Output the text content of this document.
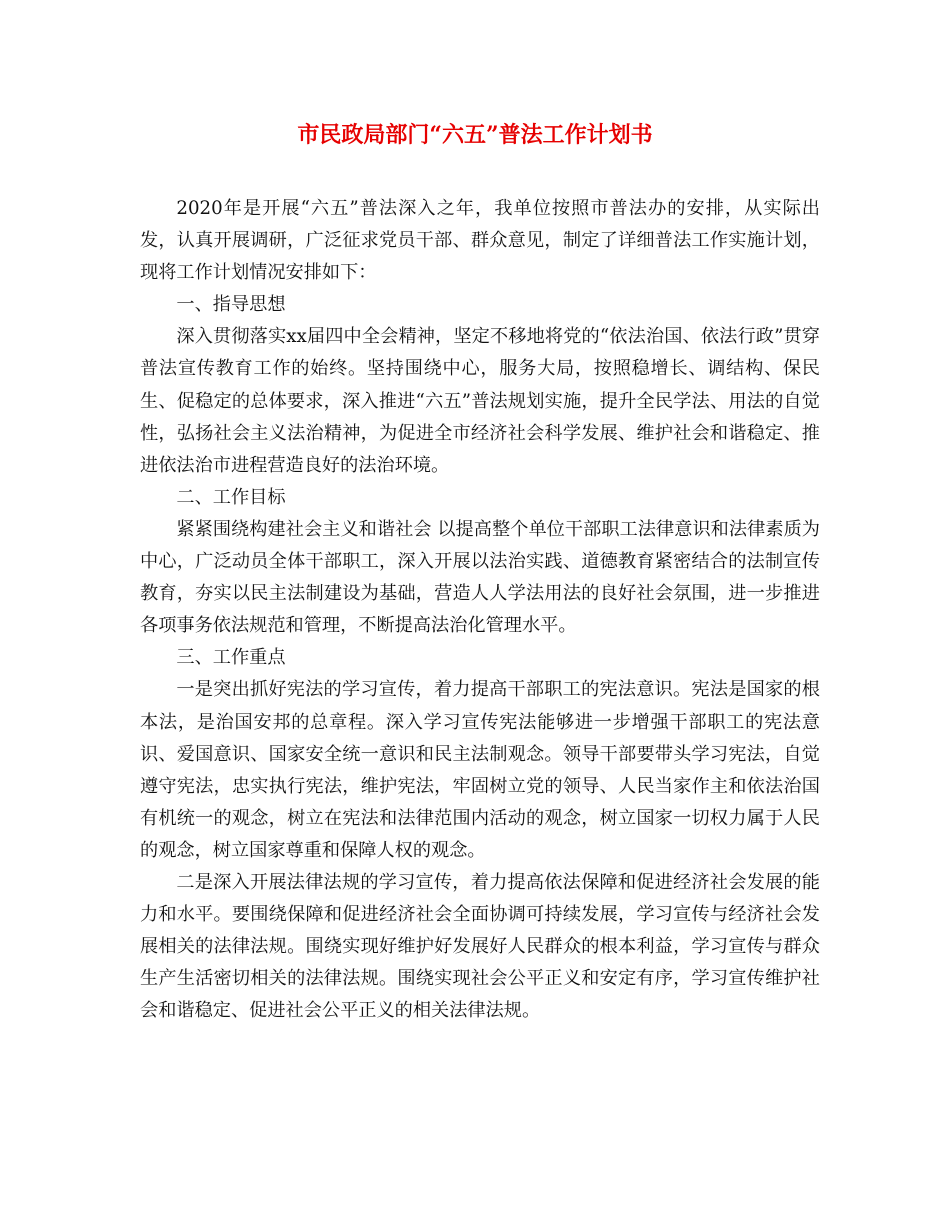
市民政局部门“六五”普法工作计划书

2020年是开展“六五”普法深入之年，我单位按照市普法办的安排，从实际出发，认真开展调研，广泛征求党员干部、群众意见，制定了详细普法工作实施计划，现将工作计划情况安排如下：

一、指导思想

深入贯彻落实xx届四中全会精神，坚定不移地将党的“依法治国、依法行政”贯穿普法宣传教育工作的始终。坚持围绕中心，服务大局，按照稳增长、调结构、保民生、促稳定的总体要求，深入推进“六五”普法规划实施，提升全民学法、用法的自觉性，弘扬社会主义法治精神，为促进全市经济社会科学发展、维护社会和谐稳定、推进依法治市进程营造良好的法治环境。

二、工作目标

紧紧围绕构建社会主义和谐社会 以提高整个单位干部职工法律意识和法律素质为中心，广泛动员全体干部职工，深入开展以法治实践、道德教育紧密结合的法制宣传教育，夯实以民主法制建设为基础，营造人人学法用法的良好社会氛围，进一步推进各项事务依法规范和管理，不断提高法治化管理水平。

三、工作重点

一是突出抓好宪法的学习宣传，着力提高干部职工的宪法意识。宪法是国家的根本法，是治国安邦的总章程。深入学习宣传宪法能够进一步增强干部职工的宪法意识、爱国意识、国家安全统一意识和民主法制观念。领导干部要带头学习宪法，自觉遵守宪法，忠实执行宪法，维护宪法，牢固树立党的领导、人民当家作主和依法治国有机统一的观念，树立在宪法和法律范围内活动的观念，树立国家一切权力属于人民的观念，树立国家尊重和保障人权的观念。

二是深入开展法律法规的学习宣传，着力提高依法保障和促进经济社会发展的能力和水平。要围绕保障和促进经济社会全面协调可持续发展，学习宣传与经济社会发展相关的法律法规。围绕实现好维护好发展好人民群众的根本利益，学习宣传与群众生产生活密切相关的法律法规。围绕实现社会公平正义和安定有序，学习宣传维护社会和谐稳定、促进社会公平正义的相关法律法规。
